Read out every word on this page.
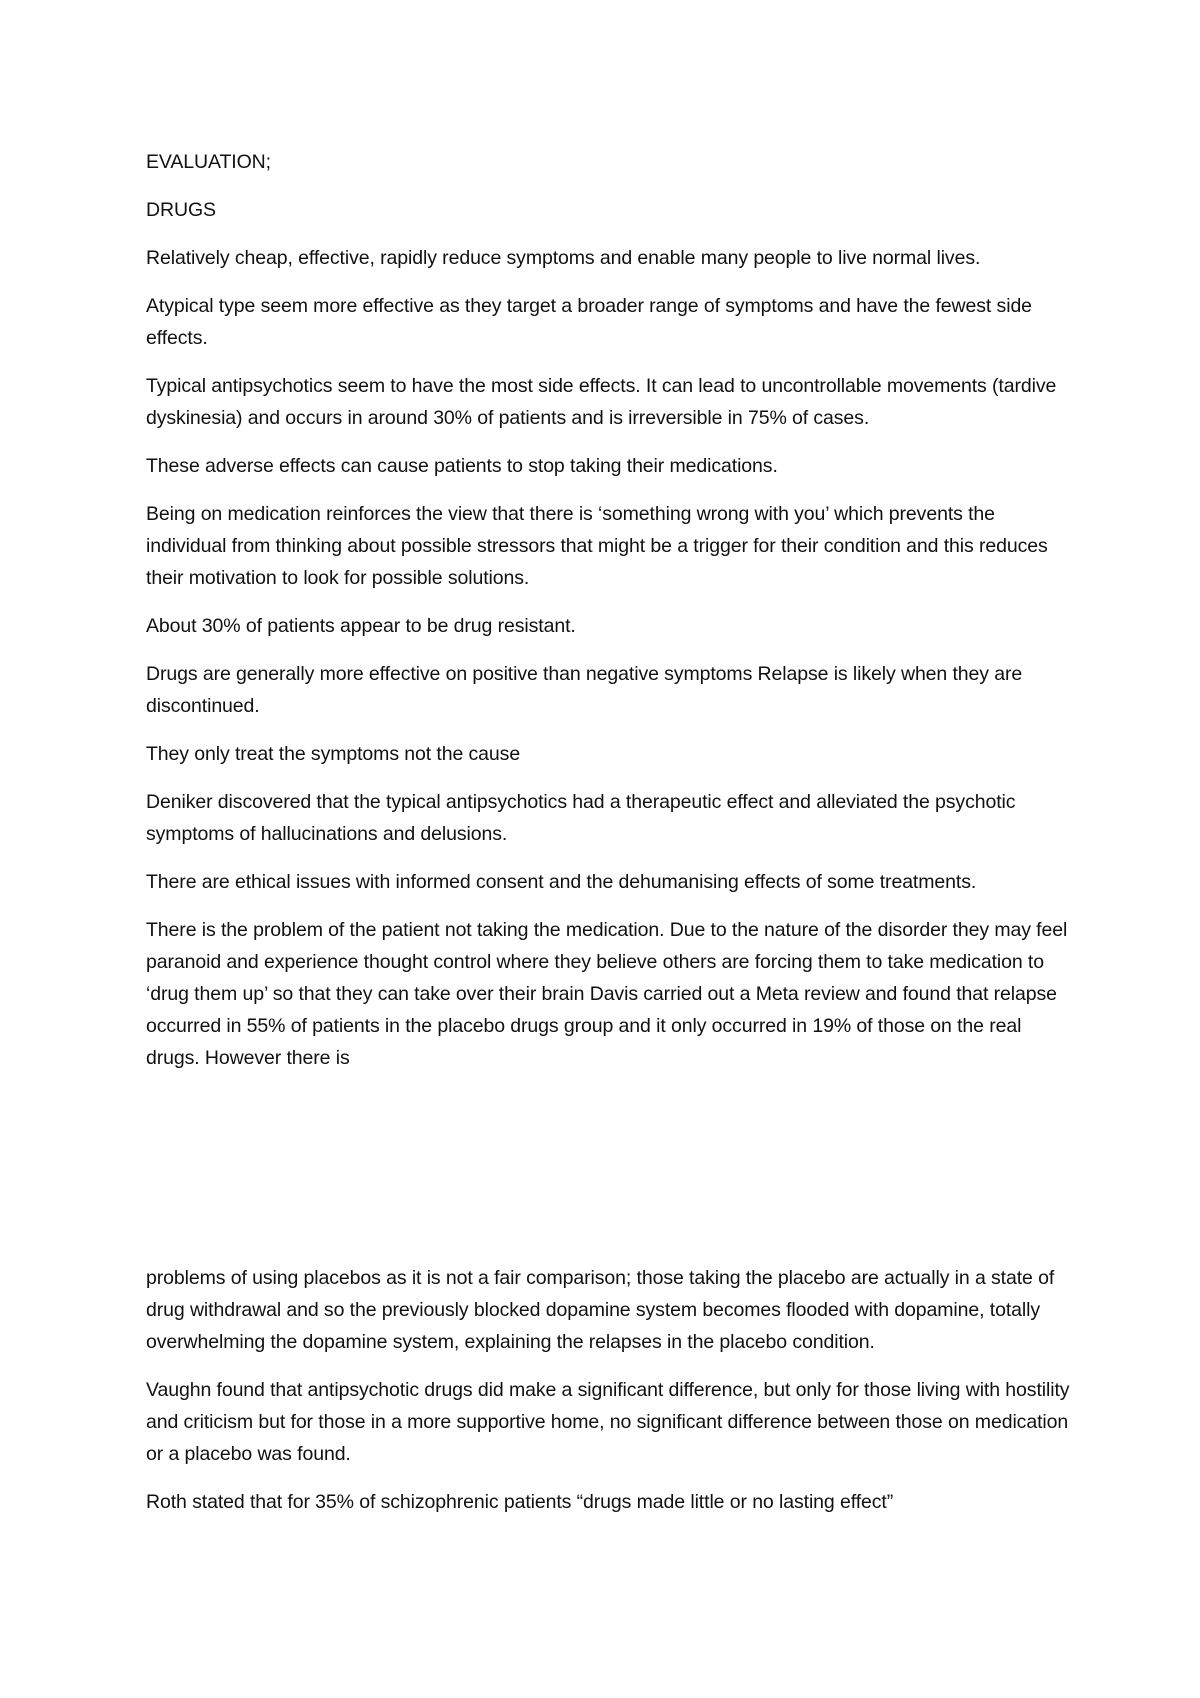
EVALUATION;

DRUGS

Relatively cheap, effective, rapidly reduce symptoms and enable many people to live normal lives.

Atypical type seem more effective as they target a broader range of symptoms and have the fewest side effects.

Typical antipsychotics seem to have the most side effects. It can lead to uncontrollable movements (tardive dyskinesia) and occurs in around 30% of patients and is irreversible in 75% of cases.

These adverse effects can cause patients to stop taking their medications.

Being on medication reinforces the view that there is ‘something wrong with you’ which prevents the individual from thinking about possible stressors that might be a trigger for their condition and this reduces their motivation to look for possible solutions.

About 30% of patients appear to be drug resistant.

Drugs are generally more effective on positive than negative symptoms Relapse is likely when they are discontinued.

They only treat the symptoms not the cause

Deniker discovered that the typical antipsychotics had a therapeutic effect and alleviated the psychotic symptoms of hallucinations and delusions.

There are ethical issues with informed consent and the dehumanising effects of some treatments.

There is the problem of the patient not taking the medication. Due to the nature of the disorder they may feel paranoid and experience thought control where they believe others are forcing them to take medication to ‘drug them up’ so that they can take over their brain Davis carried out a Meta review and found that relapse occurred in 55% of patients in the placebo drugs group and it only occurred in 19% of those on the real drugs. However there is

problems of using placebos as it is not a fair comparison; those taking the placebo are actually in a state of drug withdrawal and so the previously blocked dopamine system becomes flooded with dopamine, totally overwhelming the dopamine system, explaining the relapses in the placebo condition.

Vaughn found that antipsychotic drugs did make a significant difference, but only for those living with hostility and criticism but for those in a more supportive home, no significant difference between those on medication or a placebo was found.

Roth stated that for 35% of schizophrenic patients “drugs made little or no lasting effect”
